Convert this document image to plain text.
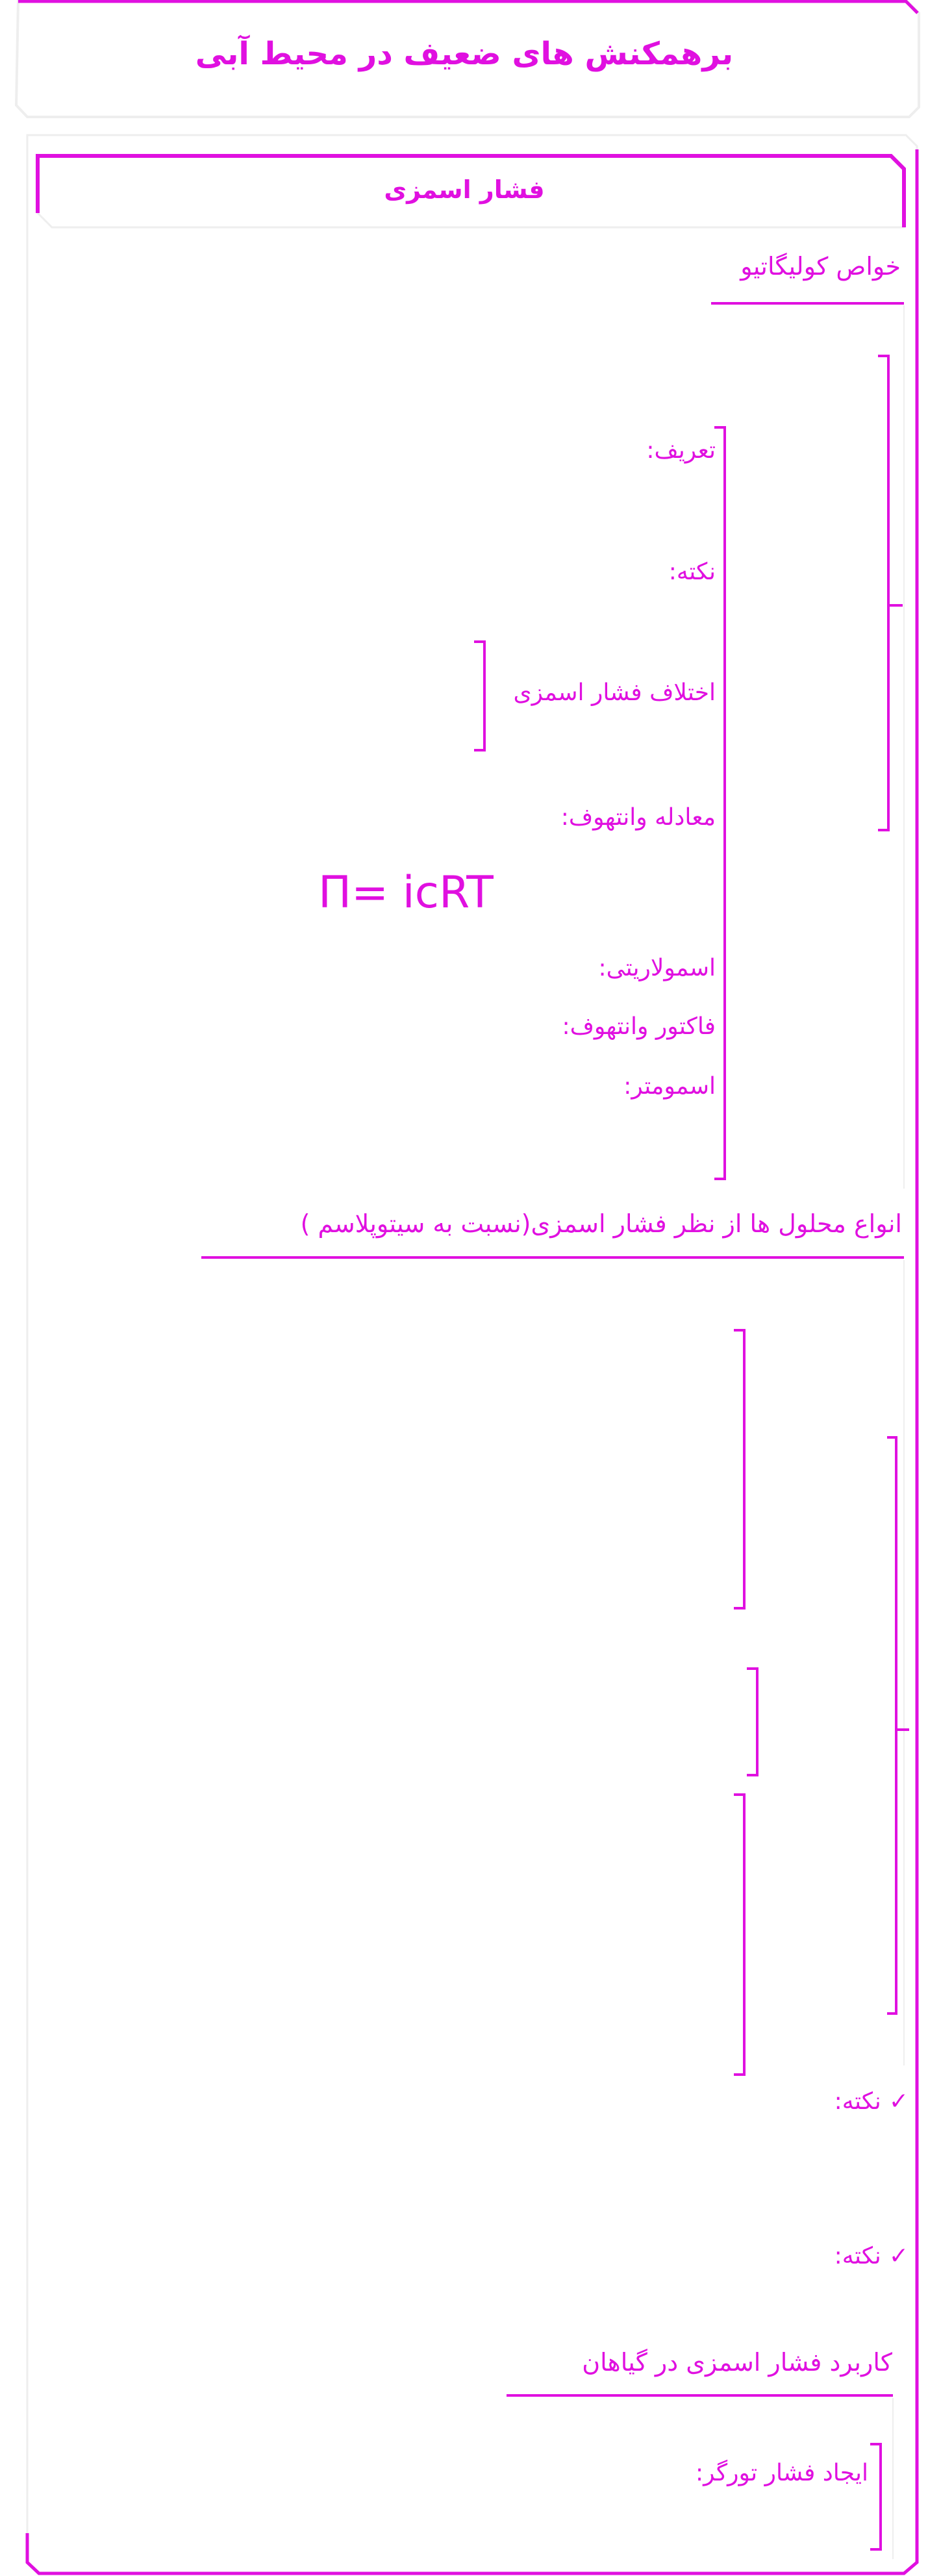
برهمکنش های ضعیف در محیط آبی
فشار اسمزی
خواص کولیگاتیو
تعریف:
نکته:
اختلاف فشار اسمزی
معادله وانتهوف:
Π= icRT
اسمولاریتی:
فاکتور وانتهوف:
اسمومتر:
انواع محلول ها از نظر فشار اسمزی(نسبت به سیتوپلاسم )
✓
نکته:
✓
نکته:
کاربرد فشار اسمزی در گیاهان
ایجاد فشار تورگر:
